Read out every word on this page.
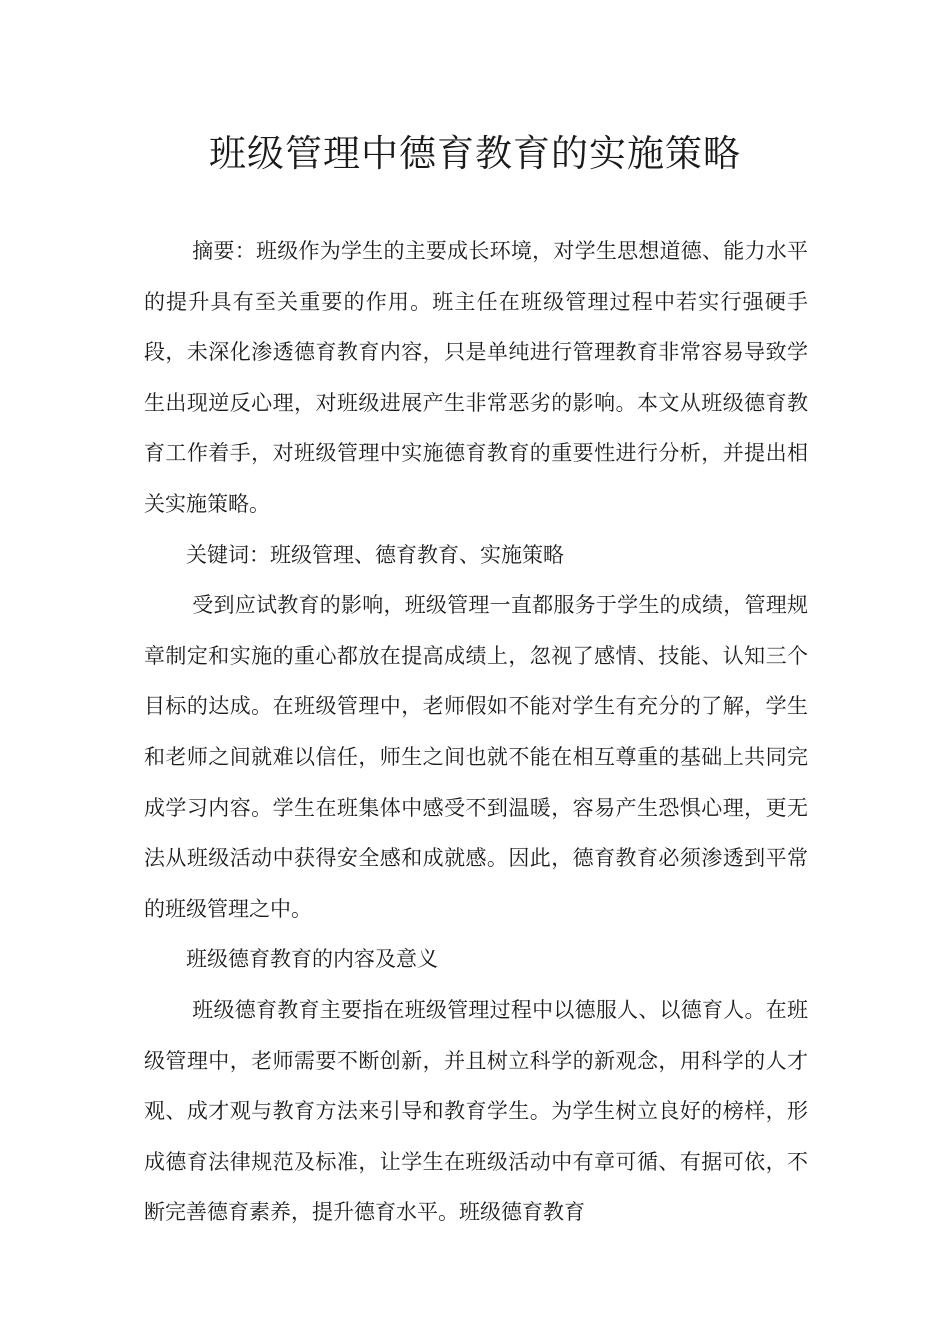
班级管理中德育教育的实施策略

摘要：班级作为学生的主要成长环境，对学生思想道德、能力水平的提升具有至关重要的作用。班主任在班级管理过程中若实行强硬手段，未深化渗透德育教育内容，只是单纯进行管理教育非常容易导致学生出现逆反心理，对班级进展产生非常恶劣的影响。本文从班级德育教育工作着手，对班级管理中实施德育教育的重要性进行分析，并提出相关实施策略。

关键词：班级管理、德育教育、实施策略

受到应试教育的影响，班级管理一直都服务于学生的成绩，管理规章制定和实施的重心都放在提高成绩上，忽视了感情、技能、认知三个目标的达成。在班级管理中，老师假如不能对学生有充分的了解，学生和老师之间就难以信任，师生之间也就不能在相互尊重的基础上共同完成学习内容。学生在班集体中感受不到温暖，容易产生恐惧心理，更无法从班级活动中获得安全感和成就感。因此，德育教育必须渗透到平常的班级管理之中。

班级德育教育的内容及意义

班级德育教育主要指在班级管理过程中以德服人、以德育人。在班级管理中，老师需要不断创新，并且树立科学的新观念，用科学的人才观、成才观与教育方法来引导和教育学生。为学生树立良好的榜样，形成德育法律规范及标准，让学生在班级活动中有章可循、有据可依，不断完善德育素养，提升德育水平。班级德育教育
